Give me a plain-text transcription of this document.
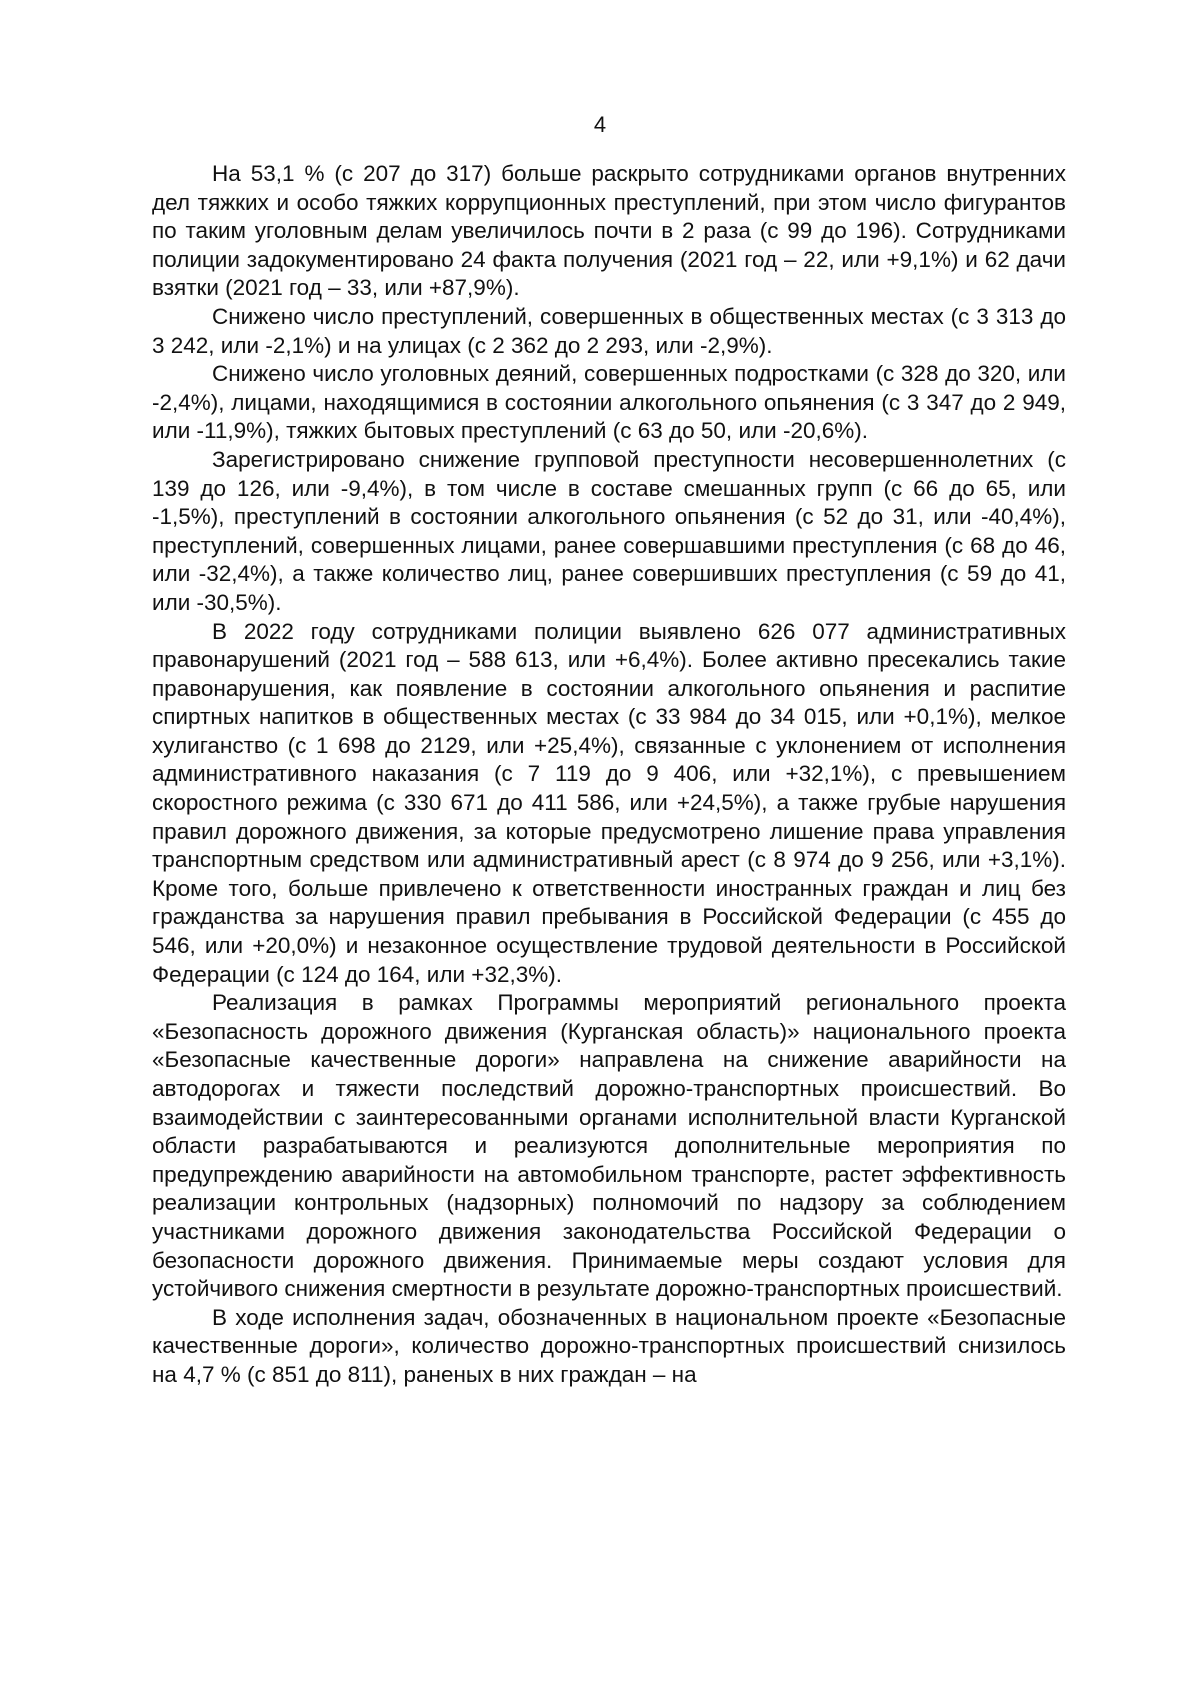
4

На 53,1 % (с 207 до 317) больше раскрыто сотрудниками органов внутренних дел тяжких и особо тяжких коррупционных преступлений, при этом число фигурантов по таким уголовным делам увеличилось почти в 2 раза (с 99 до 196). Сотрудниками полиции задокументировано 24 факта получения (2021 год – 22, или +9,1%) и 62 дачи взятки (2021 год – 33, или +87,9%).

Снижено число преступлений, совершенных в общественных местах (с 3 313 до 3 242, или -2,1%) и на улицах (с 2 362 до 2 293, или -2,9%).

Снижено число уголовных деяний, совершенных подростками (с 328 до 320, или -2,4%), лицами, находящимися в состоянии алкогольного опьянения (с 3 347 до 2 949, или -11,9%), тяжких бытовых преступлений (с 63 до 50, или -20,6%).

Зарегистрировано снижение групповой преступности несовершеннолетних (с 139 до 126, или -9,4%), в том числе в составе смешанных групп (с 66 до 65, или -1,5%), преступлений в состоянии алкогольного опьянения (с 52 до 31, или -40,4%), преступлений, совершенных лицами, ранее совершавшими преступления (с 68 до 46, или -32,4%), а также количество лиц, ранее совершивших преступления (с 59 до 41, или -30,5%).

В 2022 году сотрудниками полиции выявлено 626 077 административных правонарушений (2021 год – 588 613, или +6,4%). Более активно пресекались такие правонарушения, как появление в состоянии алкогольного опьянения и распитие спиртных напитков в общественных местах (с 33 984 до 34 015, или +0,1%), мелкое хулиганство (с 1 698 до 2129, или +25,4%), связанные с уклонением от исполнения административного наказания (с 7 119 до 9 406, или +32,1%), с превышением скоростного режима (с 330 671 до 411 586, или +24,5%), а также грубые нарушения правил дорожного движения, за которые предусмотрено лишение права управления транспортным средством или административный арест (с 8 974 до 9 256, или +3,1%). Кроме того, больше привлечено к ответственности иностранных граждан и лиц без гражданства за нарушения правил пребывания в Российской Федерации (с 455 до 546, или +20,0%) и незаконное осуществление трудовой деятельности в Российской Федерации (с 124 до 164, или +32,3%).

Реализация в рамках Программы мероприятий регионального проекта «Безопасность дорожного движения (Курганская область)» национального проекта «Безопасные качественные дороги» направлена на снижение аварийности на автодорогах и тяжести последствий дорожно-транспортных происшествий. Во взаимодействии с заинтересованными органами исполнительной власти Курганской области разрабатываются и реализуются дополнительные мероприятия по предупреждению аварийности на автомобильном транспорте, растет эффективность реализации контрольных (надзорных) полномочий по надзору за соблюдением участниками дорожного движения законодательства Российской Федерации о безопасности дорожного движения. Принимаемые меры создают условия для устойчивого снижения смертности в результате дорожно-транспортных происшествий.

В ходе исполнения задач, обозначенных в национальном проекте «Безопасные качественные дороги», количество дорожно-транспортных происшествий снизилось на 4,7 % (с 851 до 811), раненых в них граждан – на
